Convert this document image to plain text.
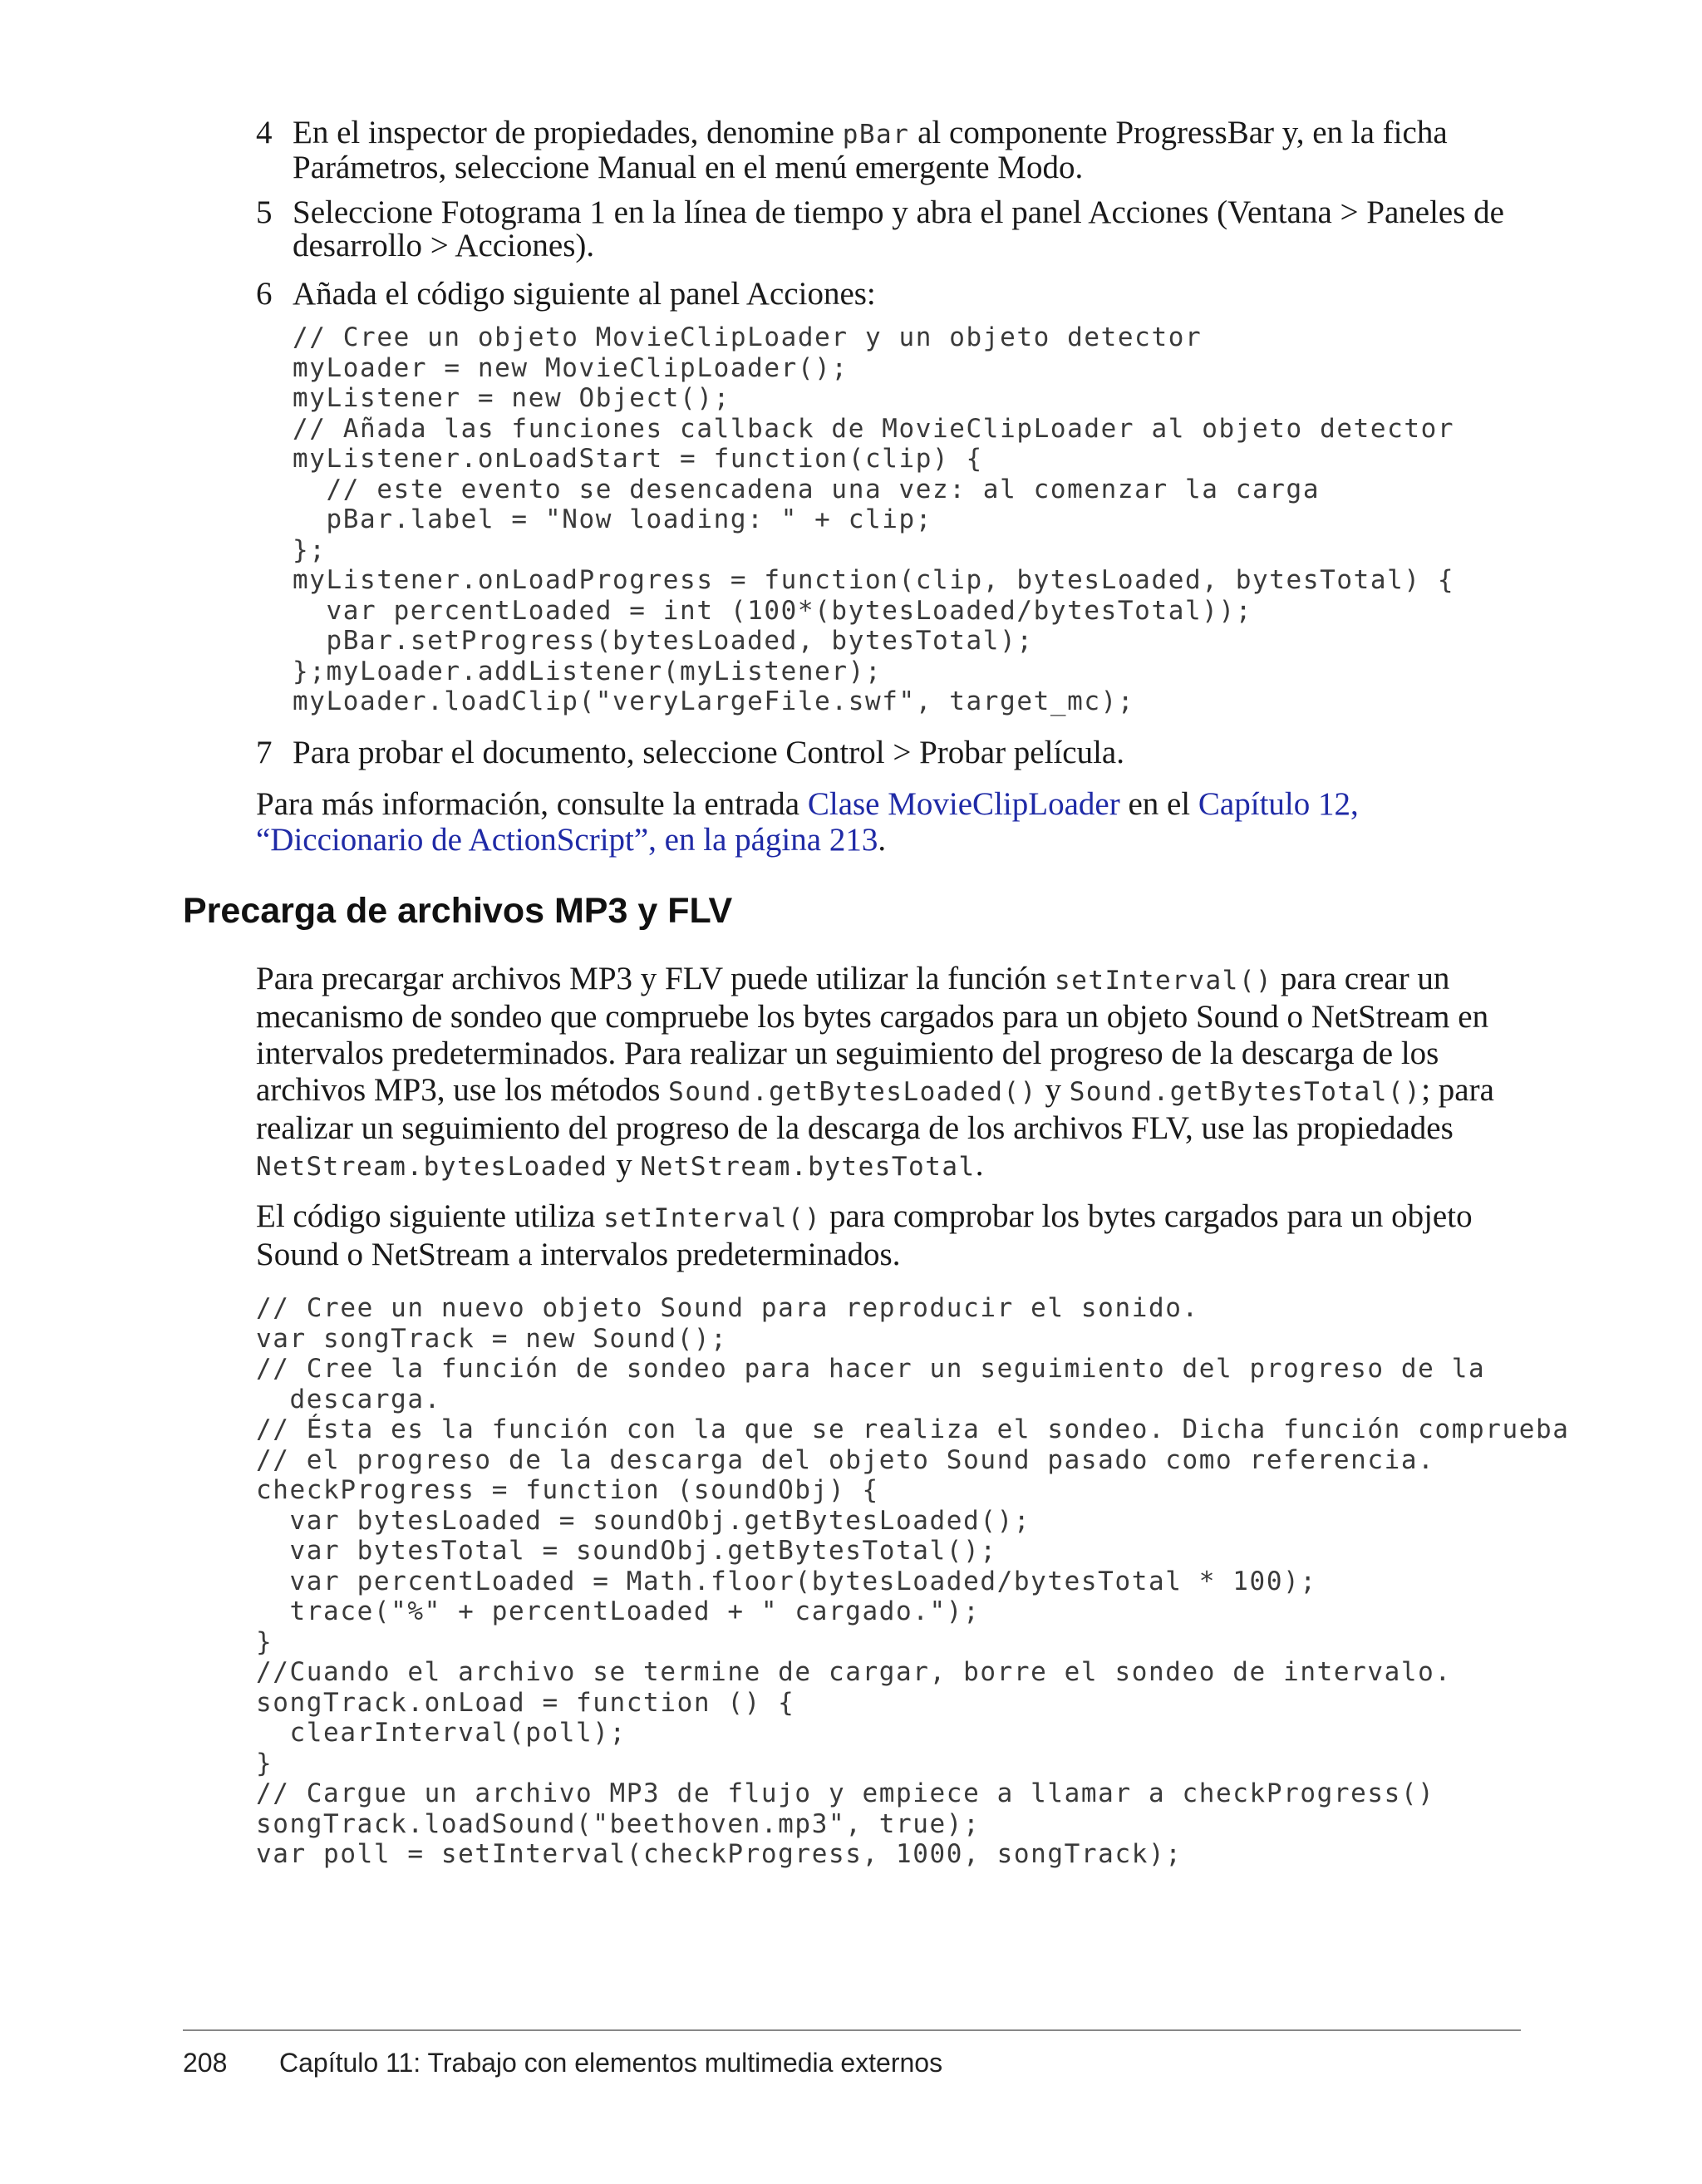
4 En el inspector de propiedades, denomine pBar al componente ProgressBar y, en la ficha Parámetros, seleccione Manual en el menú emergente Modo.
5 Seleccione Fotograma 1 en la línea de tiempo y abra el panel Acciones (Ventana > Paneles de desarrollo > Acciones).
6 Añada el código siguiente al panel Acciones:
// Cree un objeto MovieClipLoader y un objeto detector
myLoader = new MovieClipLoader();
myListener = new Object();
// Añada las funciones callback de MovieClipLoader al objeto detector
myListener.onLoadStart = function(clip) {
// este evento se desencadena una vez: al comenzar la carga
pBar.label = "Now loading: " + clip;
};
myListener.onLoadProgress = function(clip, bytesLoaded, bytesTotal) {
var percentLoaded = int (100*(bytesLoaded/bytesTotal));
pBar.setProgress(bytesLoaded, bytesTotal);
};myLoader.addListener(myListener);
myLoader.loadClip("veryLargeFile.swf", target_mc);
7 Para probar el documento, seleccione Control > Probar película.

Para más información, consulte la entrada Clase MovieClipLoader en el Capítulo 12, “Diccionario de ActionScript”, en la página 213.

Precarga de archivos MP3 y FLV

Para precargar archivos MP3 y FLV puede utilizar la función setInterval() para crear un mecanismo de sondeo que compruebe los bytes cargados para un objeto Sound o NetStream en intervalos predeterminados. Para realizar un seguimiento del progreso de la descarga de los archivos MP3, use los métodos Sound.getBytesLoaded() y Sound.getBytesTotal(); para realizar un seguimiento del progreso de la descarga de los archivos FLV, use las propiedades NetStream.bytesLoaded y NetStream.bytesTotal.

El código siguiente utiliza setInterval() para comprobar los bytes cargados para un objeto Sound o NetStream a intervalos predeterminados.

// Cree un nuevo objeto Sound para reproducir el sonido.
var songTrack = new Sound();
// Cree la función de sondeo para hacer un seguimiento del progreso de la
descarga.
// Ésta es la función con la que se realiza el sondeo. Dicha función comprueba
// el progreso de la descarga del objeto Sound pasado como referencia.
checkProgress = function (soundObj) {
var bytesLoaded = soundObj.getBytesLoaded();
var bytesTotal = soundObj.getBytesTotal();
var percentLoaded = Math.floor(bytesLoaded/bytesTotal * 100);
trace("%" + percentLoaded + " cargado.");
}
//Cuando el archivo se termine de cargar, borre el sondeo de intervalo.
songTrack.onLoad = function () {
clearInterval(poll);
}
// Cargue un archivo MP3 de flujo y empiece a llamar a checkProgress()
songTrack.loadSound("beethoven.mp3", true);
var poll = setInterval(checkProgress, 1000, songTrack);
208 Capítulo 11: Trabajo con elementos multimedia externos
